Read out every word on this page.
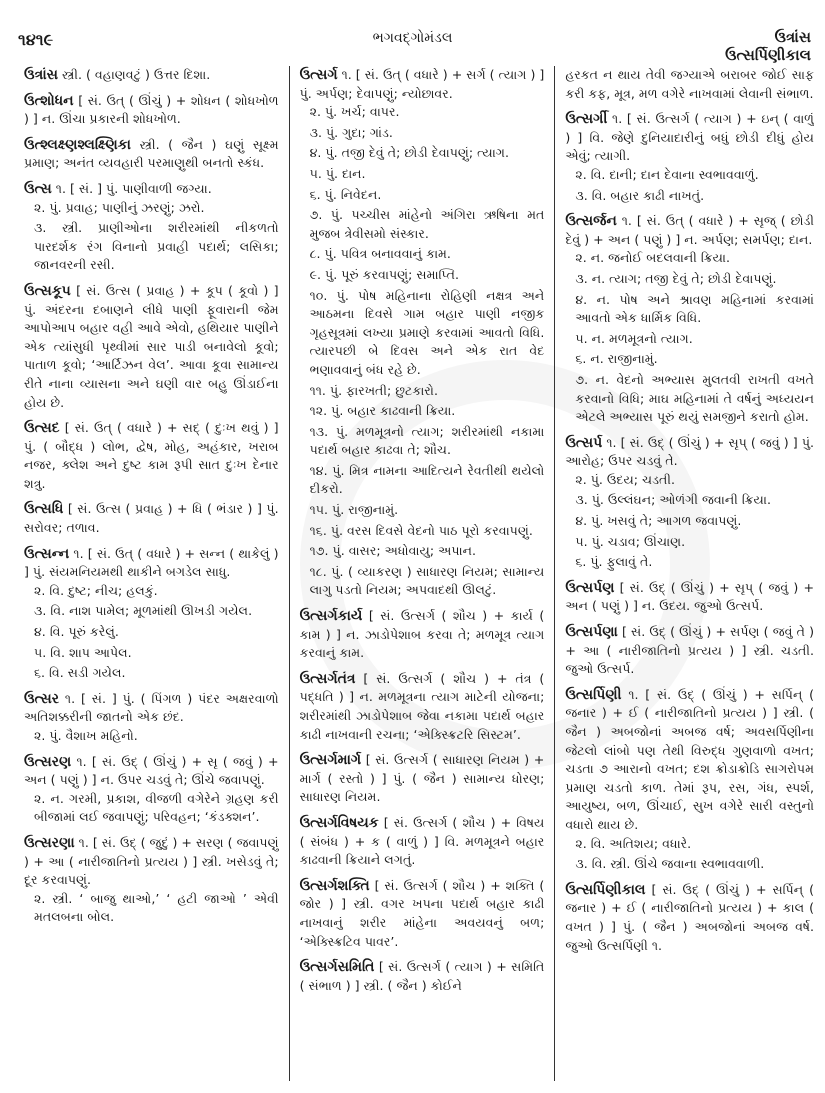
૧૪૧૯	ભગવદ્ગોમંડલ	ઉત્રાંસ
ઉત્સર્પિણીકાલ
ઉત્રાંસ સ્ત્રી. ( વહાણવટું ) ઉત્તર દિશા.
ઉત્શોધન [ સં. ઉત્ ( ઊંચું ) + શોધન ( શોધખોળ ) ] ન. ઊંચા પ્રકારની શોધખોળ.
ઉત્શ્લક્ષ્ણશ્લક્ષ્ણિકા સ્ત્રી. ( જૈન ) ઘણું સૂક્ષ્મ પ્રમાણ; અનંત વ્યવહારી પરમાણુથી બનતો સ્કંધ.
ઉત્સ ૧. [ સં. ] પું. પાણીવાળી જગ્યા.
૨. પું. પ્રવાહ; પાણીનું ઝરણું; ઝરો.
૩. સ્ત્રી. પ્રાણીઓના શરીરમાંથી નીકળતો પારદર્શક રંગ વિનાનો પ્રવાહી પદાર્થ; લસિકા; જાનવરની રસી.
ઉત્સકૂપ [ સં. ઉત્સ ( પ્રવાહ ) + કૂપ ( કૂવો ) ] પું. અંદરના દબાણને લીધે પાણી ફૂવારાની જેમ આપોઆપ બહાર વહી આવે એવો, હથિયાર પાણીને એક ત્યાંસુધી પૃથ્વીમાં સાર પાડી બનાવેલો કૂવો; પાતાળ કૂવો; ‘આર્ટિઝન વેલ’. આવા કૂવા સામાન્ય રીતે નાના વ્યાસના અને ઘણી વાર બહુ ઊંડાઈના હોય છે.
ઉત્સદ [ સં. ઉત્ ( વધારે ) + સદ્ ( દુઃખ થવું ) ] પું. ( બૌદ્ધ ) લોભ, દ્વેષ, મોહ, અહંકાર, ખરાબ નજર, ક્લેશ અને દુષ્ટ કામ રૂપી સાત દુઃખ દેનાર શત્રુ.
ઉત્સધિ [ સં. ઉત્સ ( પ્રવાહ ) + ધિ ( ભંડાર ) ] પું. સરોવર; તળાવ.
ઉત્સન્ન ૧. [ સં. ઉત્ ( વધારે ) + સન્ન ( થાકેલું ) ] પું. સંયમનિયમથી થાકીને બગડેલ સાધુ.
૨. વિ. દુષ્ટ; નીચ; હલકું.
૩. વિ. નાશ પામેલ; મૂળમાંથી ઊખડી ગયેલ.
૪. વિ. પૂરું કરેલું.
૫. વિ. શાપ આપેલ.
૬. વિ. સડી ગયેલ.
ઉત્સર ૧. [ સં. ] પું. ( પિંગળ ) પંદર અક્ષરવાળો અતિશક્કરીની જાતનો એક છંદ.
૨. પું. વૈશાખ મહિનો.
ઉત્સરણ ૧. [ સં. ઉદ્ ( ઊંચું ) + સૃ ( જવું ) + અન ( પણું ) ] ન. ઉપર ચડવું તે; ઊંચે જવાપણું.
૨. ન. ગરમી, પ્રકાશ, વીજળી વગેરેને ગ્રહણ કરી બીજામાં લઈ જવાપણું; પરિવહન; ‘કંડક્શન’.
ઉત્સરણા ૧. [ સં. ઉદ્ ( જુદું ) + સરણ ( જવાપણું ) + આ ( નારીજાતિનો પ્રત્યય ) ] સ્ત્રી. ખસેડવું તે; દૂર કરવાપણું.
૨. સ્ત્રી. ‘ બાજુ થાઓ,’ ‘ હટી જાઓ ’ એવી મતલબના બોલ.
ઉત્સર્ગ ૧. [ સં. ઉત્ ( વધારે ) + સર્ગ ( ત્યાગ ) ] પું. અર્પણ; દેવાપણું; ન્યોછાવર.
૨. પું. ખર્ચ; વાપર.
૩. પું. ગુદા; ગાંડ.
૪. પું. તજી દેવું તે; છોડી દેવાપણું; ત્યાગ.
૫. પું. દાન.
૬. પું. નિવેદન.
૭. પું. પચ્ચીસ માંહેનો અંગિરા ઋષિના મત મુજબ ત્રેવીસમો સંસ્કાર.
૮. પું. પવિત્ર બનાવવાનું કામ.
૯. પું. પૂરું કરવાપણું; સમાપ્તિ.
૧૦. પું. પોષ મહિનાના રોહિણી નક્ષત્ર અને આઠમના દિવસે ગામ બહાર પાણી નજીક ગૃહસૂત્રમાં લખ્યા પ્રમાણે કરવામાં આવતો વિધિ. ત્યારપછી બે દિવસ અને એક રાત વેદ ભણાવવાનું બંધ રહે છે.
૧૧. પું. ફારખતી; છુટકારો.
૧૨. પું. બહાર કાઢવાની ક્રિયા.
૧૩. પું. મળમૂત્રનો ત્યાગ; શરીરમાંથી નકામા પદાર્થ બહાર કાઢવા તે; શૌચ.
૧૪. પું. મિત્ર નામના આદિત્યને રેવતીથી થયેલો દીકરો.
૧૫. પું. રાજીનામું.
૧૬. પું. વરસ દિવસે વેદનો પાઠ પૂરો કરવાપણું.
૧૭. પું. વાસર; અધોવાયુ; અપાન.
૧૮. પું. ( વ્યાકરણ ) સાધારણ નિયમ; સામાન્ય લાગુ પડતો નિયમ; અપવાદથી ઊલટું.
ઉત્સર્ગકાર્ય [ સં. ઉત્સર્ગ ( શૌચ ) + કાર્ય ( કામ ) ] ન. ઝાડોપેશાબ કરવા તે; મળમૂત્ર ત્યાગ કરવાનું કામ.
ઉત્સર્ગતંત્ર [ સં. ઉત્સર્ગ ( શૌચ ) + તંત્ર ( પદ્ધતિ ) ] ન. મળમૂત્રના ત્યાગ માટેની યોજના; શરીરમાંથી ઝાડોપેશાબ જેવા નકામા પદાર્થ બહાર કાઢી નાખવાની રચના; ‘એક્સ્ક્રિટરિ સિસ્ટમ’.
ઉત્સર્ગમાર્ગ [ સં. ઉત્સર્ગ ( સાધારણ નિયમ ) + માર્ગ ( રસ્તો ) ] પું. ( જૈન ) સામાન્ય ધોરણ; સાધારણ નિયમ.
ઉત્સર્ગવિષયક [ સં. ઉત્સર્ગ ( શૌચ ) + વિષય ( સંબંધ ) + ક ( વાળું ) ] વિ. મળમૂત્રને બહાર કાઢવાની ક્રિયાને લગતું.
ઉત્સર્ગશક્તિ [ સં. ઉત્સર્ગ ( શૌચ ) + શક્તિ ( જોર ) ] સ્ત્રી. વગર ખપના પદાર્થ બહાર કાઢી નાખવાનું શરીર માંહેના અવયવનું બળ; ‘એક્સ્ક્રિટિવ પાવર’.
ઉત્સર્ગસમિતિ [ સં. ઉત્સર્ગ ( ત્યાગ ) + સમિતિ ( સંભાળ ) ] સ્ત્રી. ( જૈન ) કોઈને
હરકત ન થાય તેવી જગ્યાએ બરાબર જોઈ સાફ કરી કફ, મૂત્ર, મળ વગેરે નાખવામાં લેવાની સંભાળ.
ઉત્સર્ગી ૧. [ સં. ઉત્સર્ગ ( ત્યાગ ) + ઇન્ ( વાળું ) ] વિ. જેણે દુનિયાદારીનું બધું છોડી દીધું હોય એવું; ત્યાગી.
૨. વિ. દાની; દાન દેવાના સ્વભાવવાળું.
૩. વિ. બહાર કાઢી નાખતું.
ઉત્સર્જન ૧. [ સં. ઉત્ ( વધારે ) + સૃજ્ ( છોડી દેવું ) + અન ( પણું ) ] ન. અર્પણ; સમર્પણ; દાન.
૨. ન. જનોઈ બદલવાની ક્રિયા.
૩. ન. ત્યાગ; તજી દેવું તે; છોડી દેવાપણું.
૪. ન. પોષ અને શ્રાવણ મહિનામાં કરવામાં આવતો એક ધાર્મિક વિધિ.
૫. ન. મળમૂત્રનો ત્યાગ.
૬. ન. રાજીનામું.
૭. ન. વેદનો અભ્યાસ મુલતવી રાખતી વખતે કરવાનો વિધિ; માઘ મહિનામાં તે વર્ષનું અધ્યયન એટલે અભ્યાસ પૂરું થયું સમજીને કરાતો હોમ.
ઉત્સર્પ ૧. [ સં. ઉદ્ ( ઊંચું ) + સૃપ્ ( જવું ) ] પું. આરોહ; ઉપર ચડવું તે.
૨. પું. ઉદય; ચડતી.
૩. પું. ઉલ્લંઘન; ઓળંગી જવાની ક્રિયા.
૪. પું. ખસવું તે; આગળ જવાપણું.
૫. પું. ચડાવ; ઊંચાણ.
૬. પું. ફુલાવું તે.
ઉત્સર્પણ [ સં. ઉદ્ ( ઊંચું ) + સૃપ્ ( જવું ) + અન ( પણું ) ] ન. ઉદય. જુઓ ઉત્સર્પ.
ઉત્સર્પણા [ સં. ઉદ્ ( ઊંચું ) + સર્પણ ( જવું તે ) + આ ( નારીજાતિનો પ્રત્યય ) ] સ્ત્રી. ચડતી. જુઓ ઉત્સર્પ.
ઉત્સર્પિણી ૧. [ સં. ઉદ્ ( ઊંચું ) + સર્પિન્ ( જનાર ) + ઈ ( નારીજાતિનો પ્રત્યય ) ] સ્ત્રી. ( જૈન ) અબજોનાં અબજ વર્ષ; અવસર્પિણીના જેટલો લાંબો પણ તેથી વિરુદ્ધ ગુણવાળો વખત; ચડતા ૭ આરાનો વખત; દશ ક્રોડાક્રોડિ સાગરોપમ પ્રમાણ ચડતો કાળ. તેમાં રૂપ, રસ, ગંધ, સ્પર્શ, આયુષ્ય, બળ, ઊંચાઈ, સુખ વગેરે સારી વસ્તુનો વધારો થાય છે.
૨. વિ. અતિશય; વધારે.
૩. વિ. સ્ત્રી. ઊંચે જવાના સ્વભાવવાળી.
ઉત્સર્પિણીકાલ [ સં. ઉદ્ ( ઊંચું ) + સર્પિન્ ( જનાર ) + ઈ ( નારીજાતિનો પ્રત્યય ) + કાલ ( વખત ) ] પું. ( જૈન ) અબજોનાં અબજ વર્ષ. જુઓ ઉત્સર્પિણી ૧.
